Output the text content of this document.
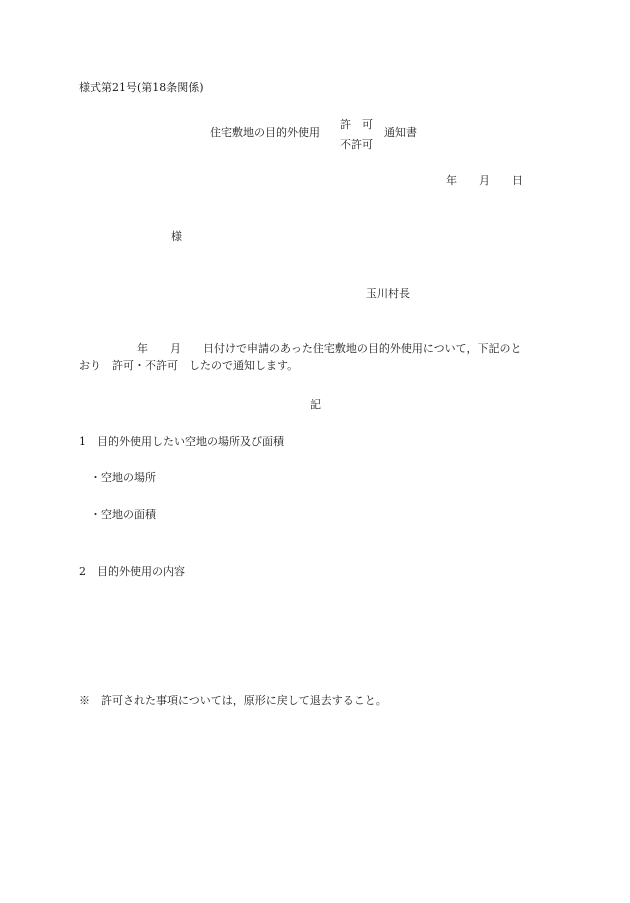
様式第21号(第18条関係)
住宅敷地の目的外使用
許　可
不許可
通知書
年　　月　　日
様
玉川村長
年　　月　　日付けで申請のあった住宅敷地の目的外使用について，下記のと
おり　許可・不許可　したので通知します。
記
1　目的外使用したい空地の場所及び面積
・空地の場所
・空地の面積
2　目的外使用の内容
※　許可された事項については，原形に戻して退去すること。
